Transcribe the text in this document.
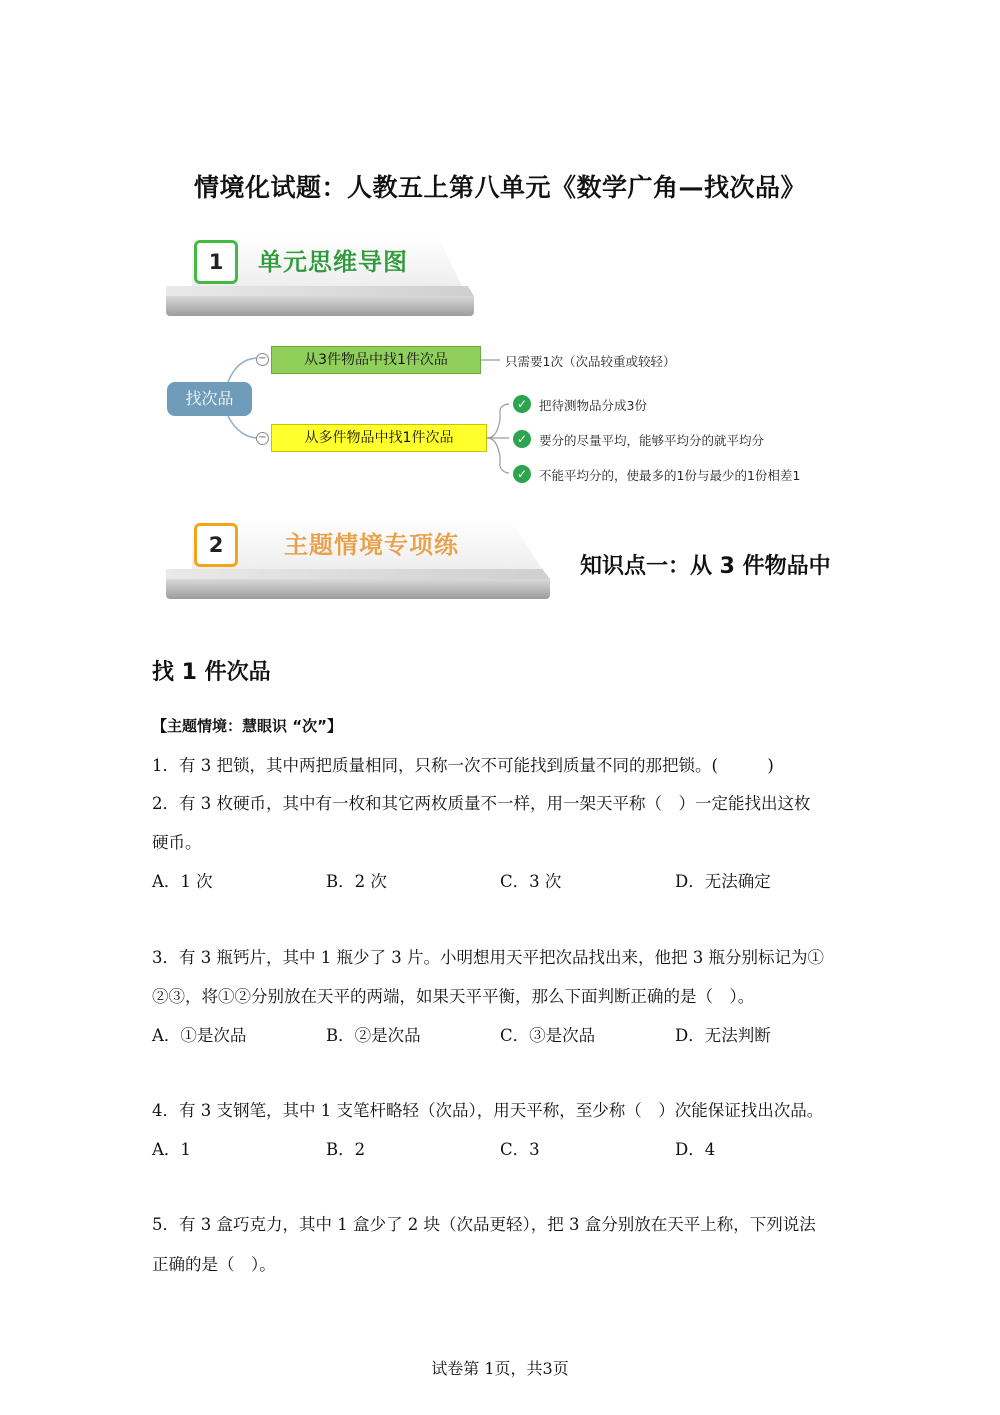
情境化试题：人教五上第八单元《数学广角—找次品》
1	单元思维导图
−
−
找次品
从3件物品中找1件次品
从多件物品中找1件次品
只需要1次（次品较重或较轻）
✓ 把待测物品分成3份
✓ 要分的尽量平均，能够平均分的就平均分
✓ 不能平均分的，使最多的1份与最少的1份相差1
2	主题情境专项练
知识点一：从 3 件物品中
找 1 件次品
【主题情境：慧眼识 “次”】
1．有 3 把锁，其中两把质量相同，只称一次不可能找到质量不同的那把锁。(　　　)
2．有 3 枚硬币，其中有一枚和其它两枚质量不一样，用一架天平称（　）一定能找出这枚
硬币。
A．1 次	B．2 次	C．3 次	D．无法确定
3．有 3 瓶钙片，其中 1 瓶少了 3 片。小明想用天平把次品找出来，他把 3 瓶分别标记为①
②③，将①②分别放在天平的两端，如果天平平衡，那么下面判断正确的是（　）。
A．①是次品	B．②是次品	C．③是次品	D．无法判断
4．有 3 支钢笔，其中 1 支笔杆略轻（次品），用天平称，至少称（　）次能保证找出次品。
A．1	B．2	C．3	D．4
5．有 3 盒巧克力，其中 1 盒少了 2 块（次品更轻），把 3 盒分别放在天平上称，下列说法
正确的是（　）。
试卷第 1页，共3页
